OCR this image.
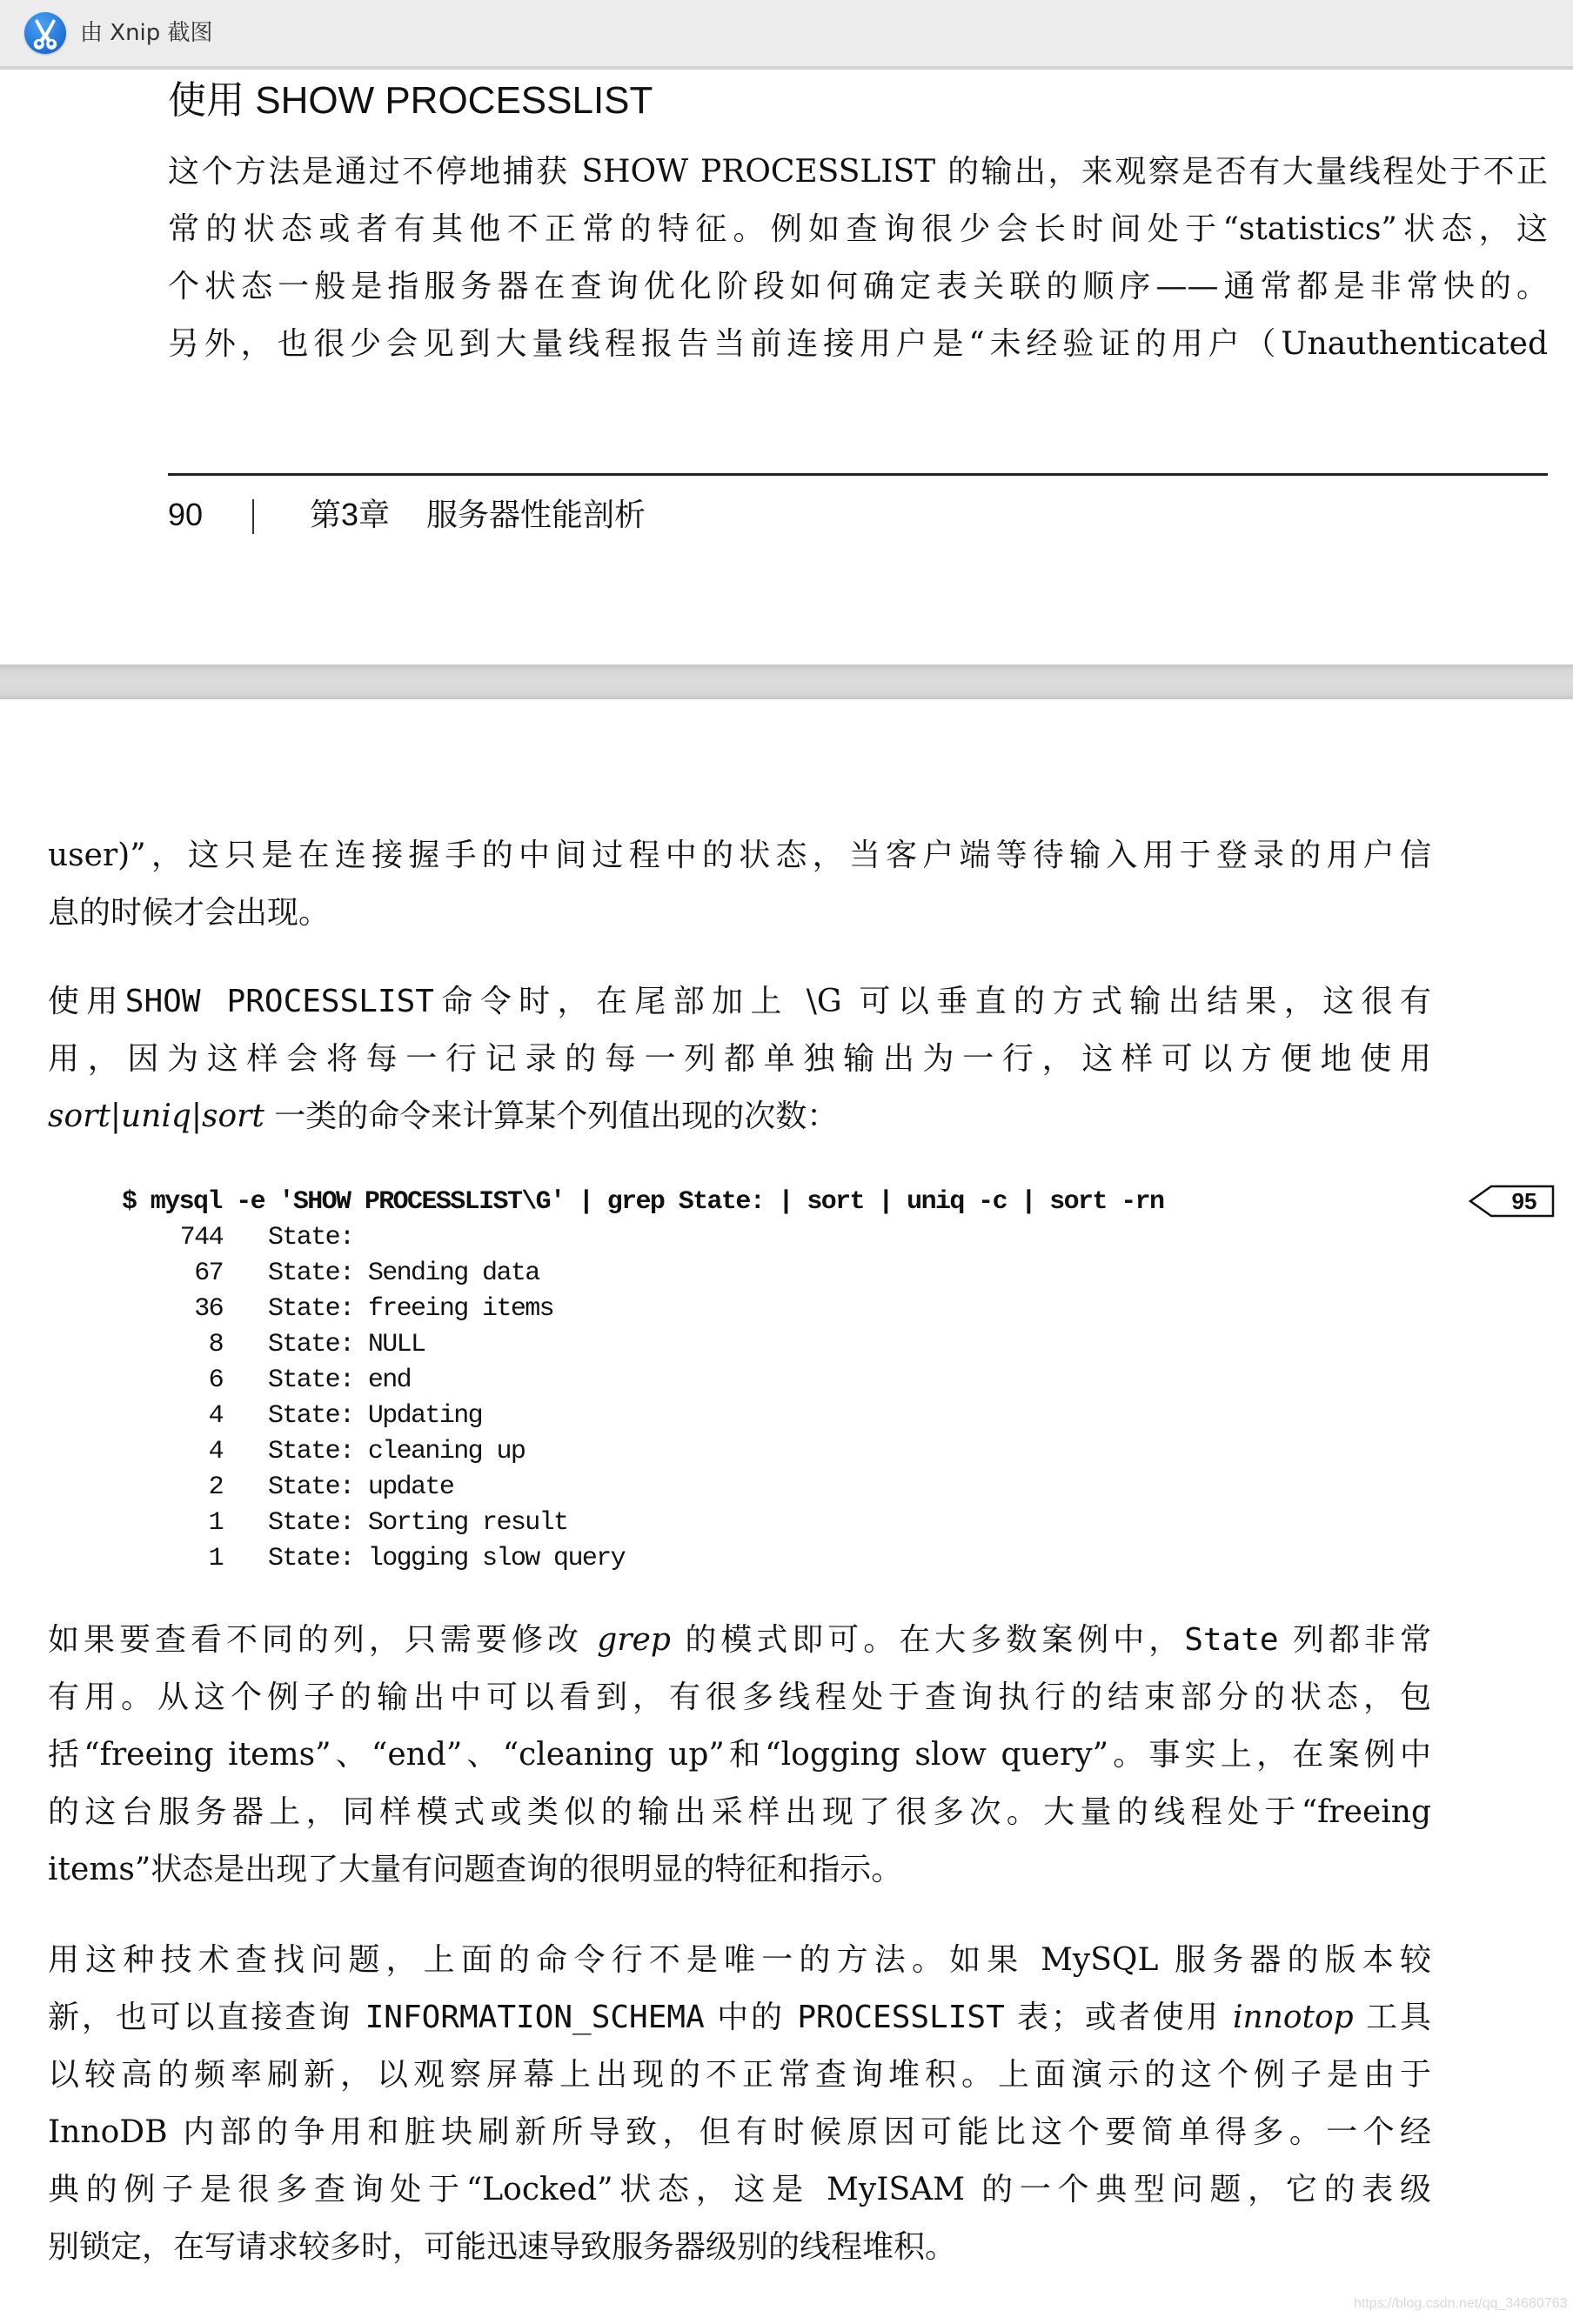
由 Xnip 截图
使用 SHOW PROCESSLIST
这个方法是通过不停地捕获 SHOW PROCESSLIST 的输出，来观察是否有大量线程处于不正
常的状态或者有其他不正常的特征。例如查询很少会长时间处于“statistics”状态，这
个状态一般是指服务器在查询优化阶段如何确定表关联的顺序——通常都是非常快的。
另外，也很少会见到大量线程报告当前连接用户是“未经验证的用户（Unauthenticated
90	第3章 服务器性能剖析
user)”，这只是在连接握手的中间过程中的状态，当客户端等待输入用于登录的用户信
息的时候才会出现。
使用SHOW PROCESSLIST命令时，在尾部加上 \G 可以垂直的方式输出结果，这很有
用，因为这样会将每一行记录的每一列都单独输出为一行，这样可以方便地使用
sort|uniq|sort 一类的命令来计算某个列值出现的次数：
$ mysql -e 'SHOW PROCESSLIST\G' | grep State: | sort | uniq -c | sort -rn	95
744 State:
67 State: Sending data
36 State: freeing items
8 State: NULL
6 State: end
4 State: Updating
4 State: cleaning up
2 State: update
1 State: Sorting result
1 State: logging slow query
如果要查看不同的列，只需要修改 grep 的模式即可。在大多数案例中，State 列都非常
有用。从这个例子的输出中可以看到，有很多线程处于查询执行的结束部分的状态，包
括“freeing items”、“end”、“cleaning up”和“logging slow query”。事实上，在案例中
的这台服务器上，同样模式或类似的输出采样出现了很多次。大量的线程处于“freeing
items”状态是出现了大量有问题查询的很明显的特征和指示。
用这种技术查找问题，上面的命令行不是唯一的方法。如果 MySQL 服务器的版本较
新，也可以直接查询 INFORMATION_SCHEMA 中的 PROCESSLIST 表；或者使用 innotop 工具
以较高的频率刷新，以观察屏幕上出现的不正常查询堆积。上面演示的这个例子是由于
InnoDB 内部的争用和脏块刷新所导致，但有时候原因可能比这个要简单得多。一个经
典的例子是很多查询处于“Locked”状态，这是 MyISAM 的一个典型问题，它的表级
别锁定，在写请求较多时，可能迅速导致服务器级别的线程堆积。
https://blog.csdn.net/qq_34680763
